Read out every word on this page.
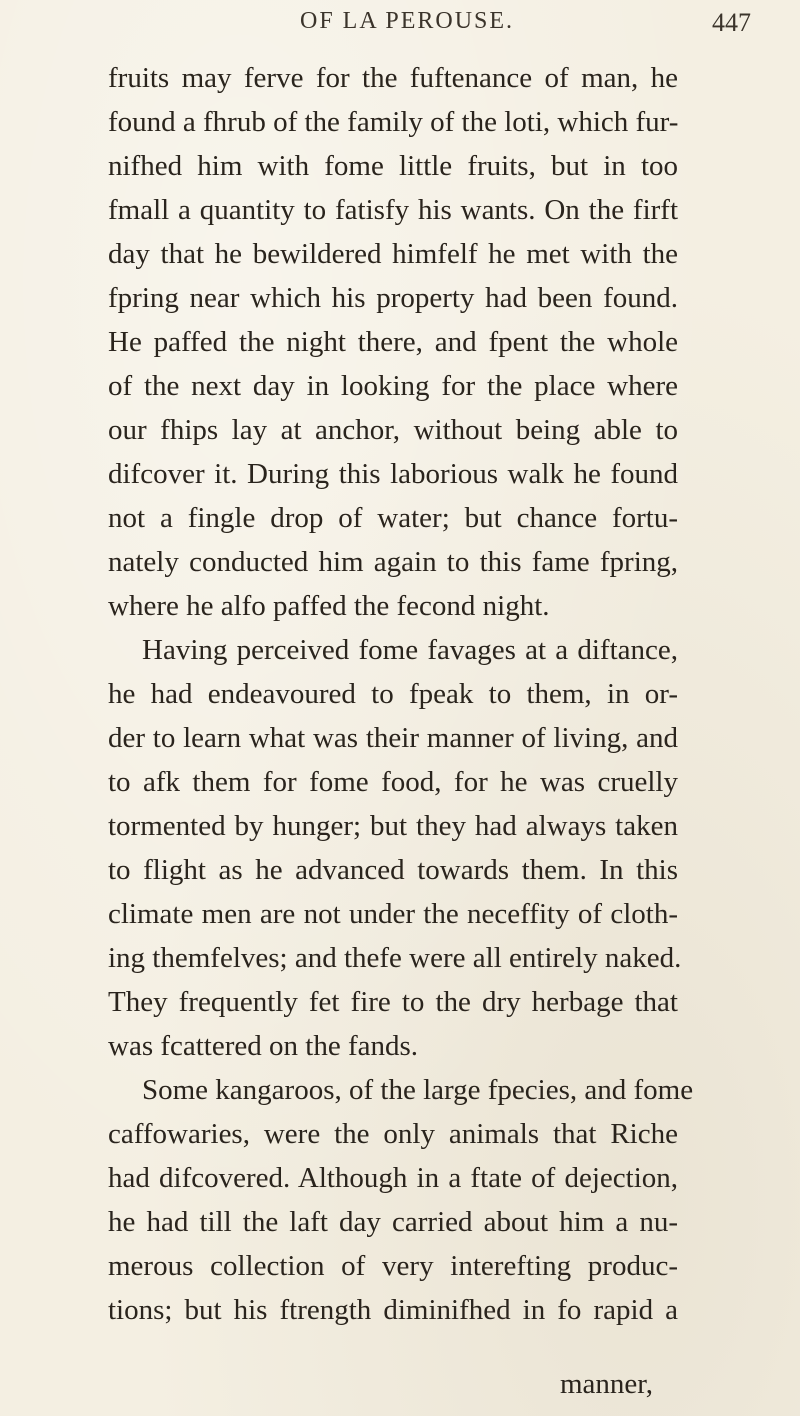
OF LA PEROUSE.	447
fruits may ferve for the fuftenance of man, he
found a fhrub of the family of the loti, which fur-
nifhed him with fome little fruits, but in too
fmall a quantity to fatisfy his wants. On the firft
day that he bewildered himfelf he met with the
fpring near which his property had been found.
He paffed the night there, and fpent the whole
of the next day in looking for the place where
our fhips lay at anchor, without being able to
difcover it. During this laborious walk he found
not a fingle drop of water; but chance fortu-
nately conducted him again to this fame fpring,
where he alfo paffed the fecond night.
Having perceived fome favages at a diftance,
he had endeavoured to fpeak to them, in or-
der to learn what was their manner of living, and
to afk them for fome food, for he was cruelly
tormented by hunger; but they had always taken
to flight as he advanced towards them. In this
climate men are not under the neceffity of cloth-
ing themfelves; and thefe were all entirely naked.
They frequently fet fire to the dry herbage that
was fcattered on the fands.
Some kangaroos, of the large fpecies, and fome
caffowaries, were the only animals that Riche
had difcovered. Although in a ftate of dejection,
he had till the laft day carried about him a nu-
merous collection of very interefting produc-
tions; but his ftrength diminifhed in fo rapid a
manner,
